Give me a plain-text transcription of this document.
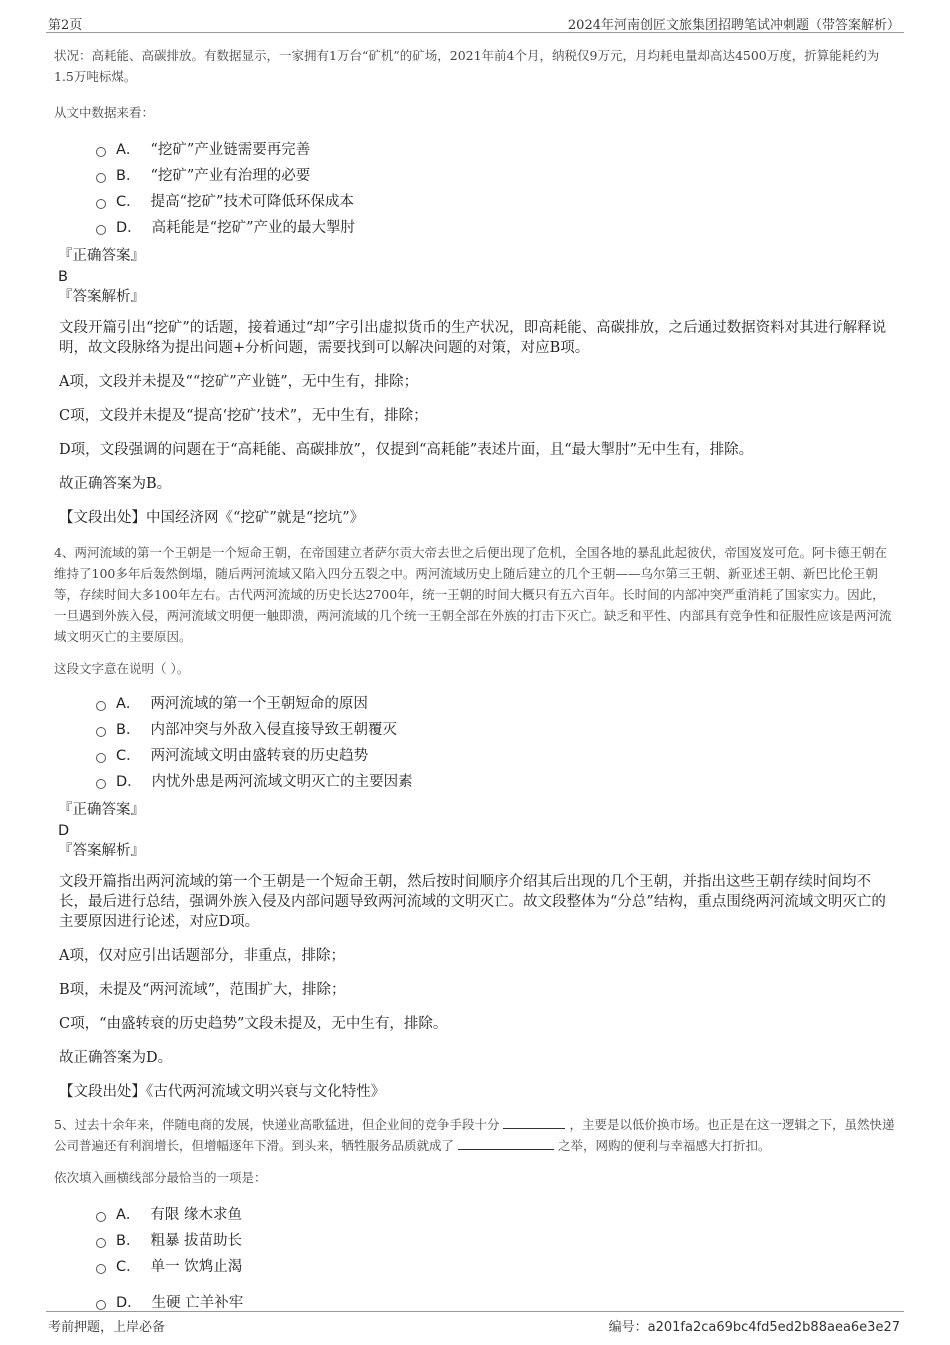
第2页	2024年河南创匠文旅集团招聘笔试冲刺题（带答案解析）

状况：高耗能、高碳排放。有数据显示，一家拥有1万台“矿机”的矿场，2021年前4个月，纳税仅9万元，月均耗电量却高达4500万度，折算能耗约为1.5万吨标煤。

从文中数据来看：

A． “挖矿”产业链需要再完善
B． “挖矿”产业有治理的必要
C． 提高“挖矿”技术可降低环保成本
D． 高耗能是“挖矿”产业的最大掣肘

『正确答案』

B

『答案解析』

文段开篇引出“挖矿”的话题，接着通过“却”字引出虚拟货币的生产状况，即高耗能、高碳排放，之后通过数据资料对其进行解释说明，故文段脉络为提出问题+分析问题，需要找到可以解决问题的对策，对应B项。

A项，文段并未提及““挖矿”产业链”，无中生有，排除；

C项，文段并未提及“提高‘挖矿’技术”，无中生有，排除；

D项，文段强调的问题在于“高耗能、高碳排放”，仅提到“高耗能”表述片面，且“最大掣肘”无中生有，排除。

故正确答案为B。

【文段出处】中国经济网《“挖矿”就是“挖坑”》

4、两河流域的第一个王朝是一个短命王朝，在帝国建立者萨尔贡大帝去世之后便出现了危机，全国各地的暴乱此起彼伏，帝国岌岌可危。阿卡德王朝在维持了100多年后轰然倒塌，随后两河流域又陷入四分五裂之中。两河流域历史上随后建立的几个王朝——乌尔第三王朝、新亚述王朝、新巴比伦王朝等，存续时间大多100年左右。古代两河流域的历史长达2700年，统一王朝的时间大概只有五六百年。长时间的内部冲突严重消耗了国家实力。因此，一旦遇到外族入侵，两河流域文明便一触即溃，两河流域的几个统一王朝全部在外族的打击下灭亡。缺乏和平性、内部具有竞争性和征服性应该是两河流域文明灭亡的主要原因。

这段文字意在说明（ ）。

A． 两河流域的第一个王朝短命的原因
B． 内部冲突与外敌入侵直接导致王朝覆灭
C． 两河流域文明由盛转衰的历史趋势
D． 内忧外患是两河流域文明灭亡的主要因素

『正确答案』

D

『答案解析』

文段开篇指出两河流域的第一个王朝是一个短命王朝，然后按时间顺序介绍其后出现的几个王朝，并指出这些王朝存续时间均不长，最后进行总结，强调外族入侵及内部问题导致两河流域的文明灭亡。故文段整体为“分总”结构，重点围绕两河流域文明灭亡的主要原因进行论述，对应D项。

A项，仅对应引出话题部分，非重点，排除；

B项，未提及“两河流域”，范围扩大，排除；

C项，“由盛转衰的历史趋势”文段未提及，无中生有，排除。

故正确答案为D。

【文段出处】《古代两河流域文明兴衰与文化特性》

5、过去十余年来，伴随电商的发展，快递业高歌猛进，但企业间的竞争手段十分	，主要是以低价换市场。也正是在这一逻辑之下，虽然快递公司普遍还有利润增长，但增幅逐年下滑。到头来，牺牲服务品质就成了	之举，网购的便利与幸福感大打折扣。

依次填入画横线部分最恰当的一项是：

A． 有限 缘木求鱼
B． 粗暴 拔苗助长
C． 单一 饮鸩止渴
D． 生硬 亡羊补牢
考前押题，上岸必备	编号：a201fa2ca69bc4fd5ed2b88aea6e3e27
